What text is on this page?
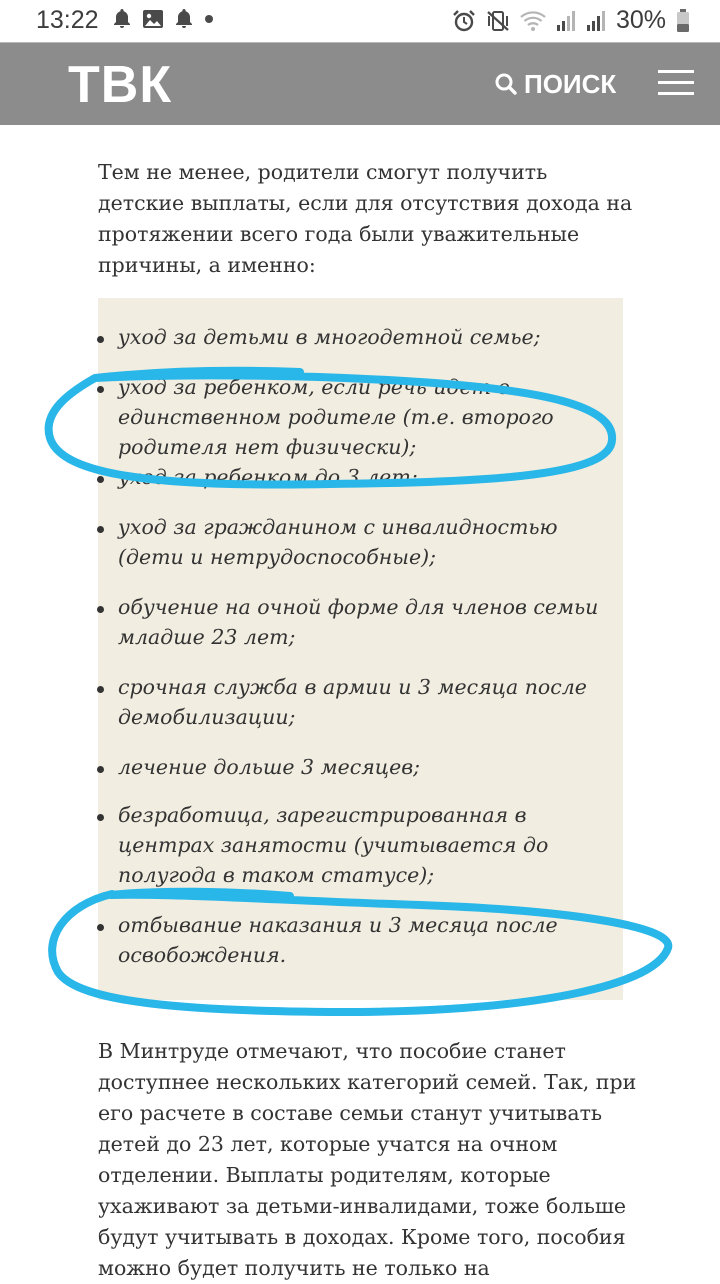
13:22	30%
ТВК	ПОИСК

Тем не менее, родители смогут получить детские выплаты, если для отсутствия дохода на протяжении всего года были уважительные причины, а именно:

уход за детьми в многодетной семье;
уход за ребенком, если речь идет о единственном родителе (т.е. второго родителя нет физически);
уход за ребенком до 3 лет;
уход за гражданином с инвалидностью (дети и нетрудоспособные);
обучение на очной форме для членов семьи младше 23 лет;
срочная служба в армии и 3 месяца после демобилизации;
лечение дольше 3 месяцев;
безработица, зарегистрированная в центрах занятости (учитывается до полугода в таком статусе);
отбывание наказания и 3 месяца после освобождения.

В Минтруде отмечают, что пособие станет доступнее нескольких категорий семей. Так, при его расчете в составе семьи станут учитывать детей до 23 лет, которые учатся на очном отделении. Выплаты родителям, которые ухаживают за детьми-инвалидами, тоже больше будут учитывать в доходах. Кроме того, пособия можно будет получить не только на
